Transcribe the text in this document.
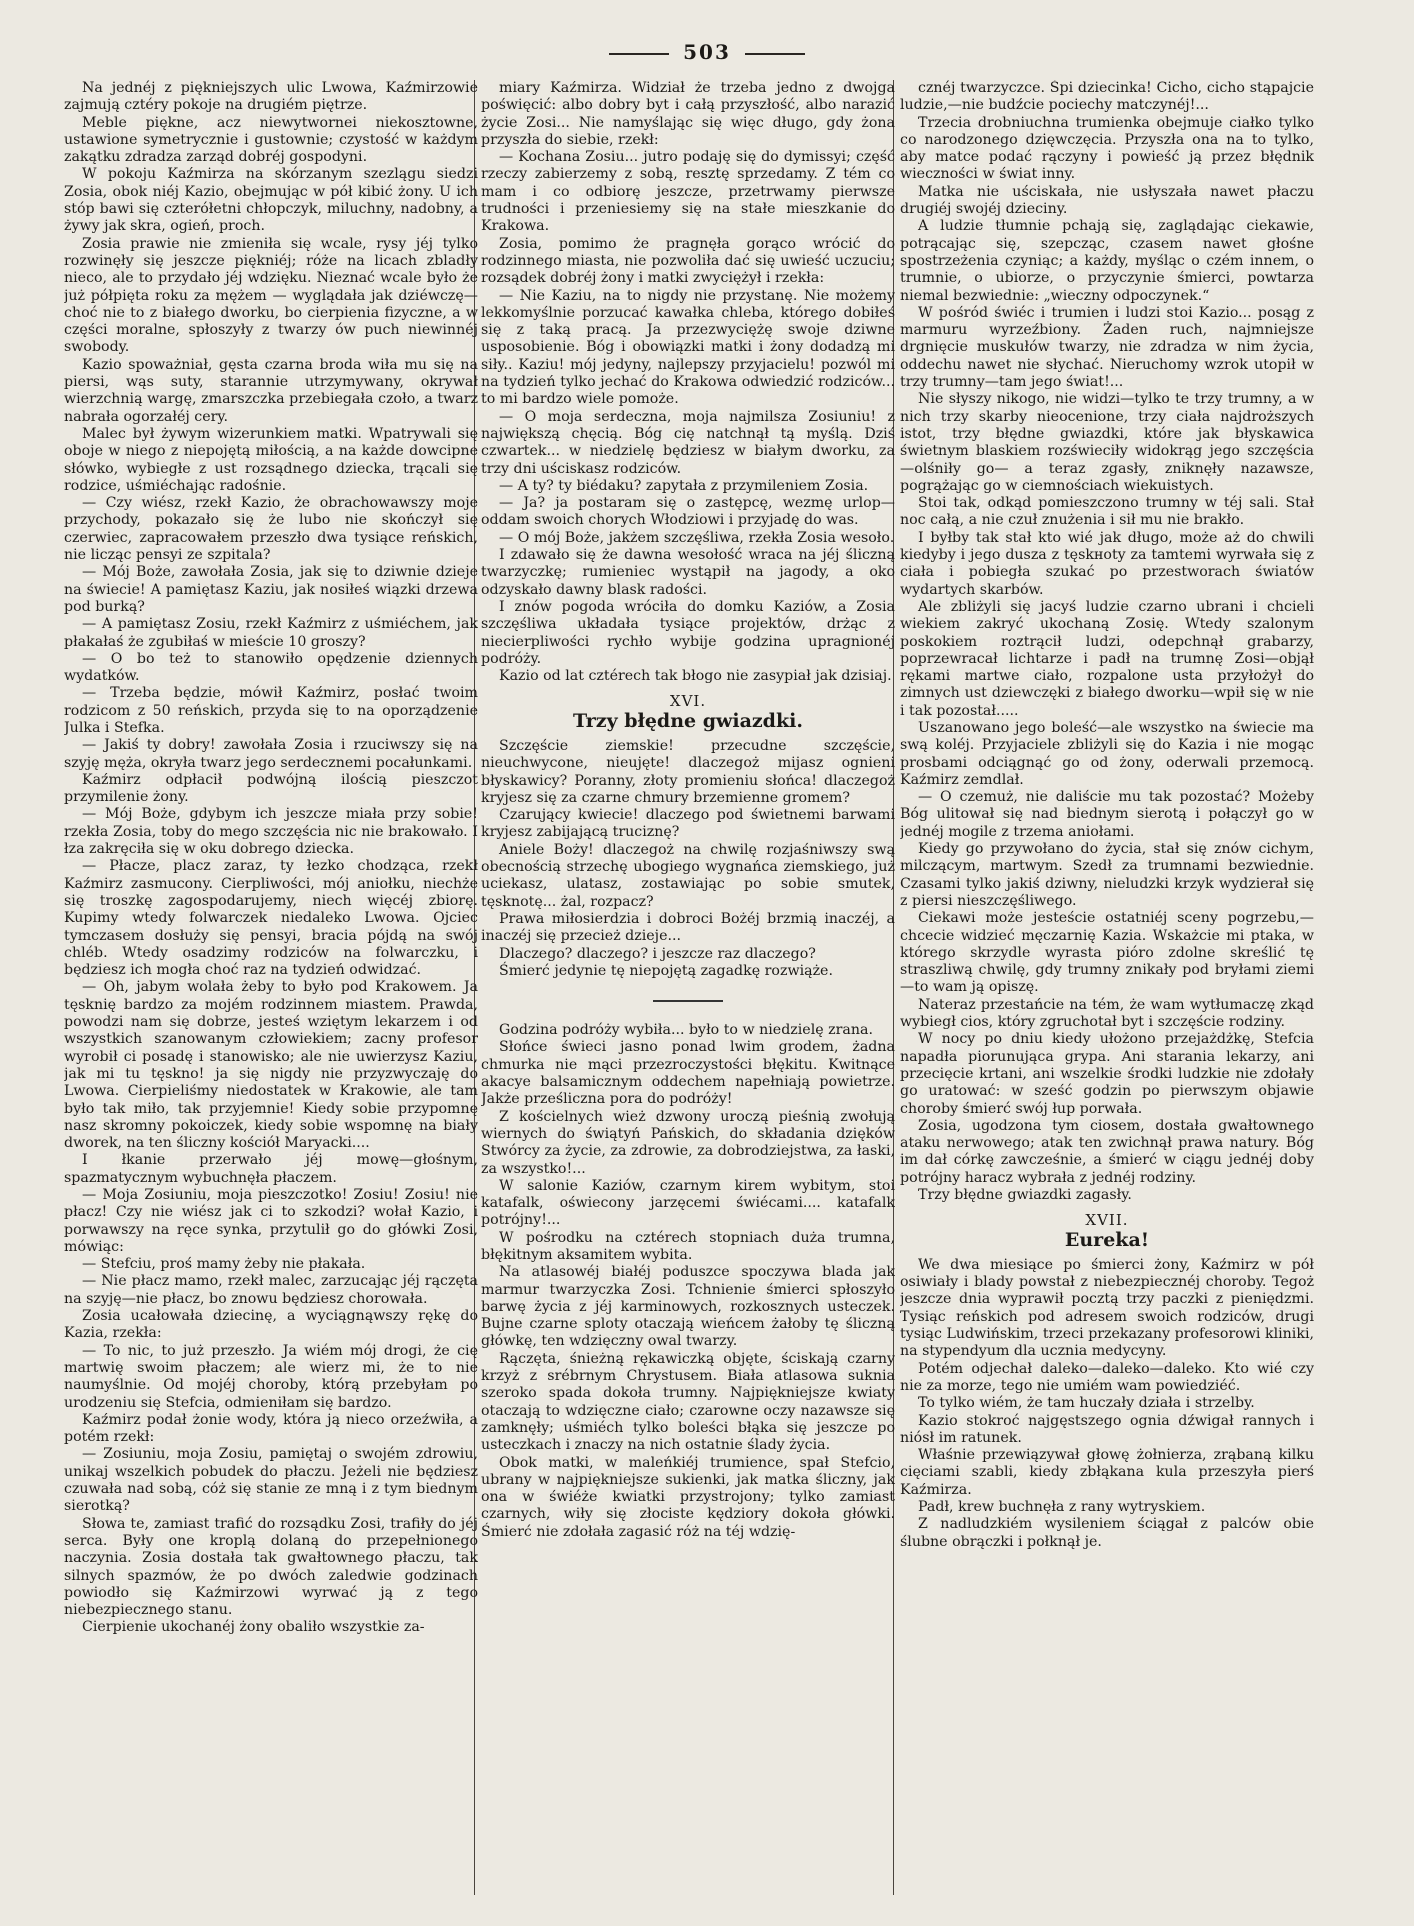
503

Na jednéj z piękniejszych ulic Lwowa, Kaźmirzowie zajmują cztéry pokoje na drugiém piętrze.

Meble piękne, acz niewytwornei niekosztowne, ustawione symetrycznie i gustownie; czystość w każdym zakątku zdradza zarząd dobréj gospodyni.

W pokoju Kaźmirza na skórzanym szezlągu siedzi Zosia, obok niéj Kazio, obejmując w pół kibić żony. U ich stóp bawi się czterółetni chłopczyk, miluchny, nadobny, a żywy jak skra, ogień, proch.

Zosia prawie nie zmieniła się wcale, rysy jéj tylko rozwinęły się jeszcze piękniéj; róże na licach zbladły nieco, ale to przydało jéj wdzięku. Nieznać wcale było że już półpięta roku za mężem — wyglądała jak dziéwczę—choć nie to z białego dworku, bo cierpienia fizyczne, a w części moralne, spłoszyły z twarzy ów puch niewinnéj swobody.

Kazio spoważniał, gęsta czarna broda wiła mu się na piersi, wąs suty, starannie utrzymywany, okrywał wierzchnią wargę, zmarszczka przebiegała czoło, a twarz nabrała ogorzałéj cery.

Malec był żywym wizerunkiem matki. Wpatrywali się oboje w niego z niepojętą miłością, a na każde dowcipne słówko, wybiegłe z ust rozsądnego dziecka, trącali się rodzice, uśmiéchając radośnie.

— Czy wiész, rzekł Kazio, że obrachowawszy moje przychody, pokazało się że lubo nie skończył się czerwiec, zapracowałem przeszło dwa tysiące reńskich, nie licząc pensyi ze szpitala?

— Mój Boże, zawołała Zosia, jak się to dziwnie dzieje na świecie! A pamiętasz Kaziu, jak nosiłeś wiązki drzewa pod burką?

— A pamiętasz Zosiu, rzekł Kaźmirz z uśmiéchem, jak płakałaś że zgubiłaś w mieście 10 groszy?

— O bo też to stanowiło opędzenie dziennych wydatków.

— Trzeba będzie, mówił Kaźmirz, posłać twoim rodzicom z 50 reńskich, przyda się to na oporządzenie Julka i Stefka.

— Jakiś ty dobry! zawołała Zosia i rzuciwszy się na szyję męża, okryła twarz jego serdecznemi pocałunkami.

Kaźmirz odpłacił podwójną ilością pieszczot przymilenie żony.

— Mój Boże, gdybym ich jeszcze miała przy sobie! rzekła Zosia, toby do mego szczęścia nic nie brakowało. I łza zakręciła się w oku dobrego dziecka.

— Płacze, placz zaraz, ty łezko chodząca, rzekł Kaźmirz zasmucony. Cierpliwości, mój aniołku, niechże się troszkę zagospodarujemy, niech więcéj zbiorę. Kupimy wtedy folwarczek niedaleko Lwowa. Ojciec tymczasem dosłuży się pensyi, bracia pójdą na swój chléb. Wtedy osadzimy rodziców na folwarczku, i będziesz ich mogła choć raz na tydzień odwidzać.

— Oh, jabym wolała żeby to było pod Krakowem. Ja tęsknię bardzo za mojém rodzinnem miastem. Prawda, powodzi nam się dobrze, jesteś wziętym lekarzem i od wszystkich szanowanym człowiekiem; zacny profesor wyrobił ci posadę i stanowisko; ale nie uwierzysz Kaziu, jak mi tu tęskno! ja się nigdy nie przyzwyczaję do Lwowa. Cierpieliśmy niedostatek w Krakowie, ale tam było tak miło, tak przyjemnie! Kiedy sobie przypomnę nasz skromny pokoiczek, kiedy sobie wspomnę na biały dworek, na ten śliczny kościół Maryacki....

I łkanie przerwało jéj mowę—głośnym, spazmatycznym wybuchnęła płaczem.

— Moja Zosiuniu, moja pieszczotko! Zosiu! Zosiu! nie płacz! Czy nie wiész jak ci to szkodzi? wołał Kazio, i porwawszy na ręce synka, przytulił go do główki Zosi, mówiąc:

— Stefciu, proś mamy żeby nie płakała.

— Nie płacz mamo, rzekł malec, zarzucając jéj rączęta na szyję—nie płacz, bo znowu będziesz chorowała.

Zosia ucałowała dziecinę, a wyciągnąwszy rękę do Kazia, rzekła:

— To nic, to już przeszło. Ja wiém mój drogi, że cię martwię swoim płaczem; ale wierz mi, że to nie naumyślnie. Od mojéj choroby, którą przebyłam po urodzeniu się Stefcia, odmieniłam się bardzo.

Kaźmirz podał żonie wody, która ją nieco orzeźwiła, a potém rzekł:

— Zosiuniu, moja Zosiu, pamiętaj o swojém zdrowiu, unikaj wszelkich pobudek do płaczu. Jeżeli nie będziesz czuwała nad sobą, cóż się stanie ze mną i z tym biednym sierotką?

Słowa te, zamiast trafić do rozsądku Zosi, trafiły do jéj serca. Były one kroplą dolaną do przepełnionego naczynia. Zosia dostała tak gwałtownego płaczu, tak silnych spazmów, że po dwóch zaledwie godzinach powiodło się Kaźmirzowi wyrwać ją z tego niebezpiecznego stanu.

Cierpienie ukochanéj żony obaliło wszystkie za-

miary Kaźmirza. Widział że trzeba jedno z dwojga poświęcić: albo dobry byt i całą przyszłość, albo narazić życie Zosi... Nie namyślając się więc długo, gdy żona przyszła do siebie, rzekł:

— Kochana Zosiu... jutro podaję się do dymissyi; część rzeczy zabierzemy z sobą, resztę sprzedamy. Z tém co mam i co odbiorę jeszcze, przetrwamy pierwsze trudności i przeniesiemy się na stałe mieszkanie do Krakowa.

Zosia, pomimo że pragnęła gorąco wrócić do rodzinnego miasta, nie pozwoliła dać się uwieść uczuciu; rozsądek dobréj żony i matki zwyciężył i rzekła:

— Nie Kaziu, na to nigdy nie przystanę. Nie możemy lekkomyślnie porzucać kawałka chleba, którego dobiłeś się z taką pracą. Ja przezwyciężę swoje dziwne usposobienie. Bóg i obowiązki matki i żony dodadzą mi siły.. Kaziu! mój jedyny, najlepszy przyjacielu! pozwól mi na tydzień tylko jechać do Krakowa odwiedzić rodziców... to mi bardzo wiele pomoże.

— O moja serdeczna, moja najmilsza Zosiuniu! z największą chęcią. Bóg cię natchnął tą myślą. Dziś czwartek... w niedzielę będziesz w białym dworku, za trzy dni uściskasz rodziców.

— A ty? ty biédaku? zapytała z przymileniem Zosia.

— Ja? ja postaram się o zastępcę, wezmę urlop—oddam swoich chorych Włodziowi i przyjadę do was.

— O mój Boże, jakżem szczęśliwa, rzekła Zosia wesoło.

I zdawało się że dawna wesołość wraca na jéj śliczną twarzyczkę; rumieniec wystąpił na jagody, a oko odzyskało dawny blask radości.

I znów pogoda wróciła do domku Kaziów, a Zosia szczęśliwa układała tysiące projektów, drżąc z niecierpliwości rychło wybije godzina upragnionéj podróży.

Kazio od lat cztérech tak błogo nie zasypiał jak dzisiaj.

XVI.
Trzy błędne gwiazdki.

Szczęście ziemskie! przecudne szczęście, nieuchwycone, nieujęte! dlaczegoż mijasz ognieni błyskawicy? Poranny, złoty promieniu słońca! dlaczegoż kryjesz się za czarne chmury brzemienne gromem?

Czarujący kwiecie! dlaczego pod świetnemi barwami kryjesz zabijającą truciznę?

Aniele Boży! dlaczegoż na chwilę rozjaśniwszy swą obecnością strzechę ubogiego wygnańca ziemskiego, już uciekasz, ulatasz, zostawiając po sobie smutek, tęsknotę... żal, rozpacz?

Prawa miłosierdzia i dobroci Bożéj brzmią inaczéj, a inaczéj się przecież dzieje...

Dlaczego? dlaczego? i jeszcze raz dlaczego?

Śmierć jedynie tę niepojętą zagadkę rozwiąże.

Godzina podróży wybiła... było to w niedzielę zrana.

Słońce świeci jasno ponad lwim grodem, żadna chmurka nie mąci przezroczystości błękitu. Kwitnące akacye balsamicznym oddechem napełniają powietrze. Jakże prześliczna pora do podróży!

Z kościelnych wież dzwony uroczą pieśnią zwołują wiernych do świątyń Pańskich, do składania dzięków Stwórcy za życie, za zdrowie, za dobrodziejstwa, za łaski, za wszystko!...

W salonie Kaziów, czarnym kirem wybitym, stoi katafalk, oświecony jarzęcemi świécami.... katafalk potrójny!...

W pośrodku na cztérech stopniach duża trumna, błękitnym aksamitem wybita.

Na atlasowéj białéj poduszce spoczywa blada jak marmur twarzyczka Zosi. Tchnienie śmierci spłoszyło barwę życia z jéj karminowych, rozkosznych usteczek. Bujne czarne sploty otaczają wieńcem żałoby tę śliczną główkę, ten wdzięczny owal twarzy.

Rączęta, śnieżną rękawiczką objęte, ściskają czarny krzyż z srébrnym Chrystusem. Biała atlasowa suknia szeroko spada dokoła trumny. Najpiękniejsze kwiaty otaczają to wdzięczne ciało; czarowne oczy nazawsze się zamknęły; uśmiéch tylko boleści błąka się jeszcze po usteczkach i znaczy na nich ostatnie ślady życia.

Obok matki, w maleńkiéj trumience, spał Stefcio, ubrany w najpiękniejsze sukienki, jak matka śliczny, jak ona w świéże kwiatki przystrojony; tylko zamiast czarnych, wiły się złociste kędziory dokoła główki. Śmierć nie zdołała zagasić róż na téj wdzię-

cznéj twarzyczce. Śpi dziecinka! Cicho, cicho stąpajcie ludzie,—nie budźcie pociechy matczynéj!...

Trzecia drobniuchna trumienka obejmuje ciałko tylko co narodzonego dzięwczęcia. Przyszła ona na to tylko, aby matce podać rączyny i powieść ją przez błędnik wieczności w świat inny.

Matka nie uściskała, nie usłyszała nawet płaczu drugiéj swojéj dzieciny.

A ludzie tłumnie pchają się, zaglądając ciekawie, potrącając się, szepcząc, czasem nawet głośne spostrzeżenia czyniąc; a każdy, myśląc o czém innem, o trumnie, o ubiorze, o przyczynie śmierci, powtarza niemal bezwiednie: „wieczny odpoczynek.“

W pośród świéc i trumien i ludzi stoi Kazio... posąg z marmuru wyrzeźbiony. Żaden ruch, najmniejsze drgnięcie muskułów twarzy, nie zdradza w nim życia, oddechu nawet nie słychać. Nieruchomy wzrok utopił w trzy trumny—tam jego świat!...

Nie słyszy nikogo, nie widzi—tylko te trzy trumny, a w nich trzy skarby nieocenione, trzy ciała najdroższych istot, trzy błędne gwiazdki, które jak błyskawica świetnym blaskiem rozświeciły widokrąg jego szczęścia—olśniły go— a teraz zgasły, zniknęły nazawsze, pogrążając go w ciemnościach wiekuistych.

Stoi tak, odkąd pomieszczono trumny w téj sali. Stał noc całą, a nie czuł znużenia i sił mu nie brakło.

I byłby tak stał kto wié jak długo, może aż do chwili kiedyby i jego dusza z tęskноty za tamtemi wyrwała się z ciała i pobiegła szukać po przestworach światów wydartych skarbów.

Ale zbliżyli się jacyś ludzie czarno ubrani i chcieli wiekiem zakryć ukochaną Zosię. Wtedy szalonym poskokiem roztrącił ludzi, odepchnął grabarzy, poprzewracał lichtarze i padł na trumnę Zosi—objął rękami martwe ciało, rozpalone usta przyłożył do zimnych ust dziewczęki z białego dworku—wpił się w nie i tak pozostał.....

Uszanowano jego boleść—ale wszystko na świecie ma swą koléj. Przyjaciele zbliżyli się do Kazia i nie mogąc prosbami odciągnąć go od żony, oderwali przemocą. Kaźmirz zemdlał.

— O czemuż, nie daliście mu tak pozostać? Możeby Bóg ulitował się nad biednym sierotą i połączył go w jednéj mogile z trzema aniołami.

Kiedy go przywołano do życia, stał się znów cichym, milczącym, martwym. Szedł za trumnami bezwiednie. Czasami tylko jakiś dziwny, nieludzki krzyk wydzierał się z piersi nieszczęśliwego.

Ciekawi może jesteście ostatniéj sceny pogrzebu,—chcecie widzieć męczarnię Kazia. Wskażcie mi ptaka, w którego skrzydle wyrasta pióro zdolne skreślić tę straszliwą chwilę, gdy trumny znikały pod bryłami ziemi—to wam ją opiszę.

Nateraz przestańcie na tém, że wam wytłumaczę zkąd wybiegł cios, który zgruchotał byt i szczęście rodziny.

W nocy po dniu kiedy ułożono przejażdżkę, Stefcia napadła piorunująca grypa. Ani starania lekarzy, ani przecięcie krtani, ani wszelkie środki ludzkie nie zdołały go uratować: w sześć godzin po pierwszym objawie choroby śmierć swój łup porwała.

Zosia, ugodzona tym ciosem, dostała gwałtownego ataku nerwowego; atak ten zwichnął prawa natury. Bóg im dał córkę zawcześnie, a śmierć w ciągu jednéj doby potrójny haracz wybrała z jednéj rodziny.

Trzy błędne gwiazdki zagasły.

XVII.
Eureka!

We dwa miesiące po śmierci żony, Kaźmirz w pół osiwiały i blady powstał z niebezpiecznéj choroby. Tegoż jeszcze dnia wyprawił pocztą trzy paczki z pieniędzmi. Tysiąc reńskich pod adresem swoich rodziców, drugi tysiąc Ludwińskim, trzeci przekazany profesorowi kliniki, na stypendyum dla ucznia medycyny.

Potém odjechał daleko—daleko—daleko. Kto wié czy nie za morze, tego nie umiém wam powiedziéć.

To tylko wiém, że tam huczały działa i strzelby.

Kazio stokroć najgęstszego ognia dźwigał rannych i niósł im ratunek.

Właśnie przewiązywał głowę żołnierza, zrąbaną kilku cięciami szabli, kiedy zbłąkana kula przeszyła pierś Kaźmirza.

Padł, krew buchnęła z rany wytryskiem.

Z nadludzkiém wysileniem ściągał z palców obie ślubne obrączki i połknął je.
